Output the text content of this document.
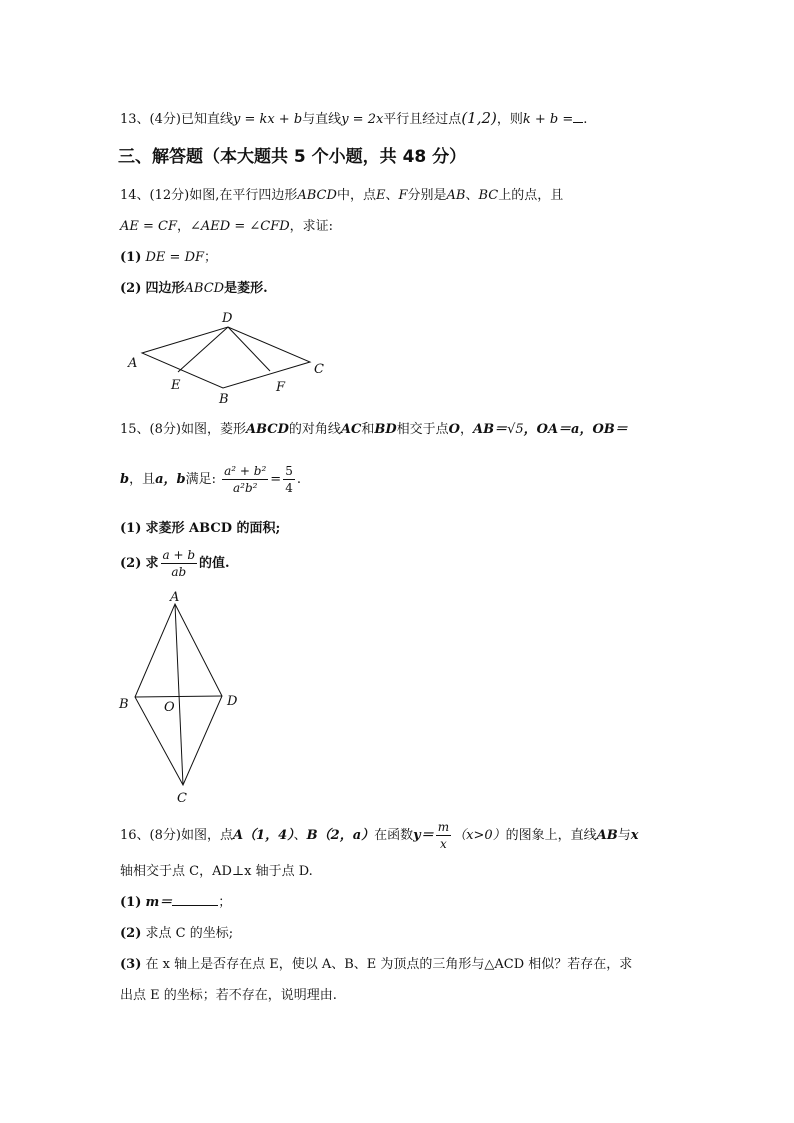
13、(4分)已知直线y = kx + b与直线y = 2x平行且经过点(1,2)，则k + b = .
三、解答题（本大题共 5 个小题，共 48 分）
14、(12分)如图,在平行四边形ABCD中，点E、F分别是AB、BC上的点，且
AE = CF，∠AED = ∠CFD，求证:
(1) DE = DF；
(2) 四边形ABCD是菱形.
D
A	C
E	F
B
15、(8分)如图，菱形ABCD的对角线AC和BD相交于点O，AB＝√5，OA＝a，OB＝
b，且a，b满足: $\frac{\text{a² + b²}}{\text{a²b²}} = \frac{5}{4}$ .
(1) 求菱形 ABCD 的面积;
(2) 求 $\frac{a + b}{ab}$ 的值.
A
B	O	D
C
16、(8分)如图，点A（1，4）、B（2，a）在函数$y= \frac{m}{x} (x>0)$的图象上，直线AB与x
轴相交于点 C，AD⊥x 轴于点 D.
(1) m＝	；
(2) 求点 C 的坐标;
(3) 在 x 轴上是否存在点 E，使以 A、B、E 为顶点的三角形与△ACD 相似？若存在，求
出点 E 的坐标；若不存在，说明理由.
